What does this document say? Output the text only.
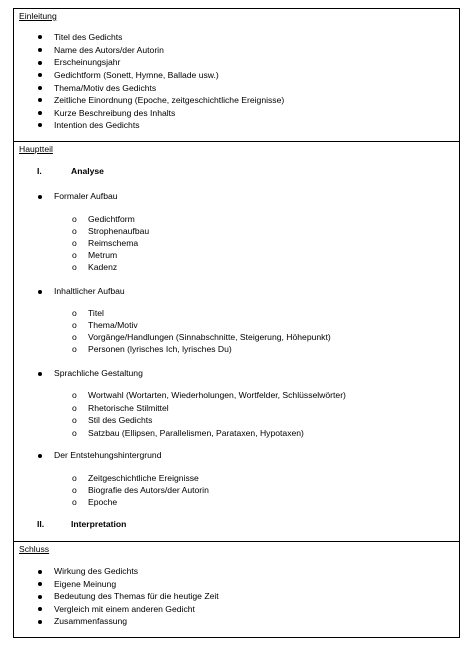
Einleitung
Hauptteil
Schluss
Titel des Gedichts
Name des Autors/der Autorin
Erscheinungsjahr
Gedichtform (Sonett, Hymne, Ballade usw.)
Thema/Motiv des Gedichts
Zeitliche Einordnung (Epoche, zeitgeschichtliche Ereignisse)
Kurze Beschreibung des Inhalts
Intention des Gedichts
I.	Analyse
Formaler Aufbau
o Gedichtform
o Strophenaufbau
o Reimschema
o Metrum
o Kadenz
Inhaltlicher Aufbau
o Titel
o Thema/Motiv
o Vorgänge/Handlungen (Sinnabschnitte, Steigerung, Höhepunkt)
o Personen (lyrisches Ich, lyrisches Du)
Sprachliche Gestaltung
o Wortwahl (Wortarten, Wiederholungen, Wortfelder, Schlüsselwörter)
o Rhetorische Stilmittel
o Stil des Gedichts
o Satzbau (Ellipsen, Parallelismen, Parataxen, Hypotaxen)
Der Entstehungshintergrund
o Zeitgeschichtliche Ereignisse
o Biografie des Autors/der Autorin
o Epoche
II.	Interpretation
Wirkung des Gedichts
Eigene Meinung
Bedeutung des Themas für die heutige Zeit
Vergleich mit einem anderen Gedicht
Zusammenfassung
